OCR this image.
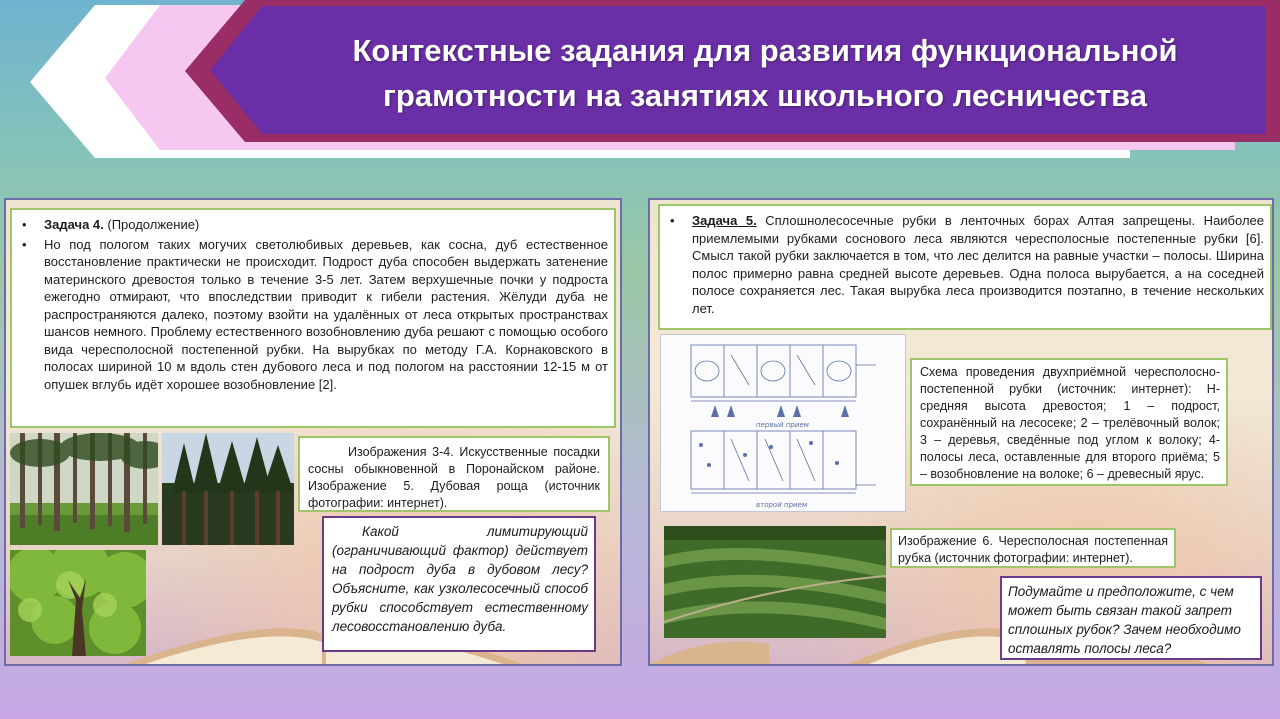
Контекстные задания для развития функциональной
грамотности на занятиях школьного лесничества
• Задача 4. (Продолжение)
• Но под пологом таких могучих светолюбивых деревьев, как сосна, дуб естественное восстановление практически не происходит. Подрост дуба способен выдержать затенение материнского древостоя только в течение 3-5 лет. Затем верхушечные почки у подроста ежегодно отмирают, что впоследствии приводит к гибели растения. Жёлуди дуба не распространяются далеко, поэтому взойти на удалённых от леса открытых пространствах шансов немного. Проблему естественного возобновлению дуба решают с помощью особого вида чересполосной постепенной рубки. На вырубках по методу Г.А. Корнаковского в полосах шириной 10 м вдоль стен дубового леса и под пологом на расстоянии 12-15 м от опушек вглубь идёт хорошее возобновление [2].
Изображения 3-4. Искусственные посадки сосны обыкновенной в Поронайском районе. Изображение 5. Дубовая роща (источник фотографии: интернет).
Какой лимитирующий (ограничивающий фактор) действует на подрост дуба в дубовом лесу? Объясните, как узколесосечный способ рубки способствует естественному лесовосстановлению дуба.
• Задача 5. Сплошнолесосечные рубки в ленточных борах Алтая запрещены. Наиболее приемлемыми рубками соснового леса являются чересполосные постепенные рубки [6]. Смысл такой рубки заключается в том, что лес делится на равные участки – полосы. Ширина полос примерно равна средней высоте деревьев. Одна полоса вырубается, а на соседней полосе сохраняется лес. Такая вырубка леса производится поэтапно, в течение нескольких лет.
первый прием
второй прием
Схема проведения двухприёмной чересполосно-постепенной рубки (источник: интернет): Н- средняя высота древостоя; 1 – подрост, сохранённый на лесосеке; 2 – трелёвочный волок; 3 – деревья, сведённые под углом к волоку; 4- полосы леса, оставленные для второго приёма; 5 – возобновление на волоке; 6 – древесный ярус.
Изображение 6. Чересполосная постепенная рубка (источник фотографии: интернет).
Подумайте и предположите, с чем может быть связан такой запрет сплошных рубок? Зачем необходимо оставлять полосы леса?
